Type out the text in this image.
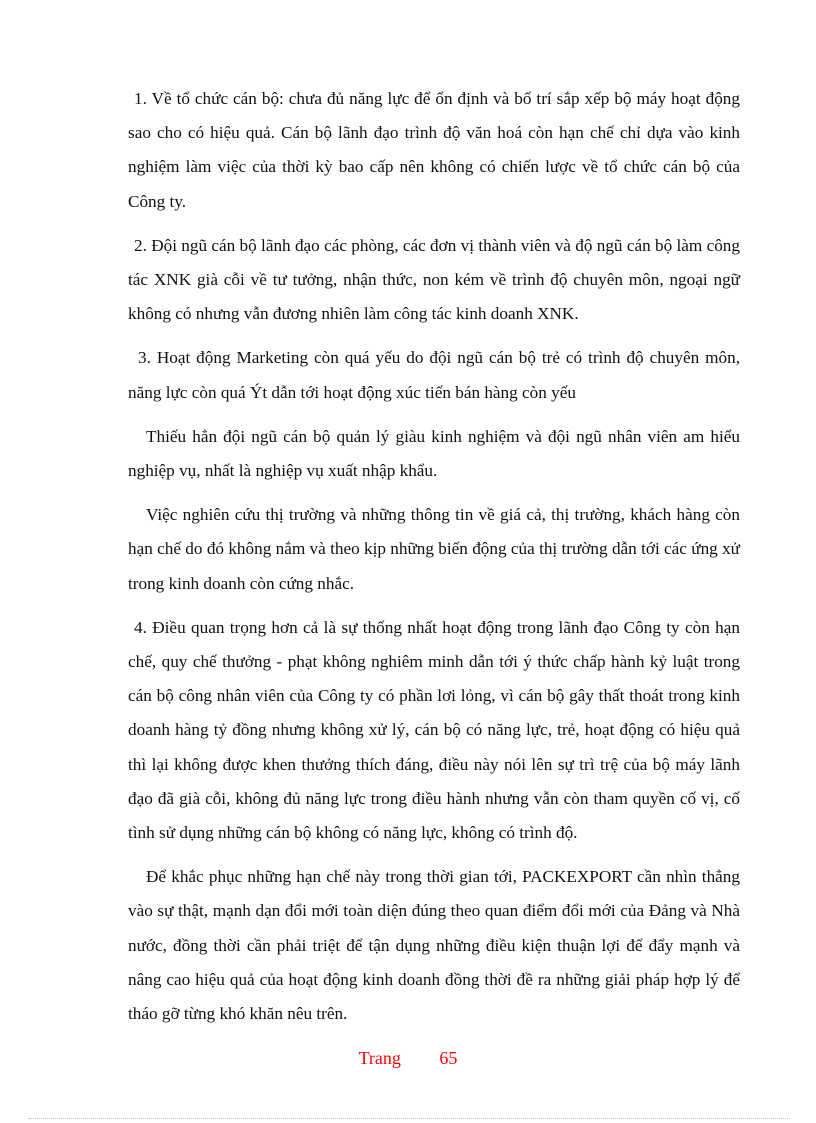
1. Về tổ chức cán bộ: chưa đủ năng lực để ổn định và bố trí sắp xếp bộ máy hoạt động sao cho có hiệu quả. Cán bộ lãnh đạo trình độ văn hoá còn hạn chế chỉ dựa vào kinh nghiệm làm việc của thời kỳ bao cấp nên không có chiến lược về tổ chức cán bộ của Công ty.

2. Đội ngũ cán bộ lãnh đạo các phòng, các đơn vị thành viên và độ ngũ cán bộ làm công tác XNK già cỗi về tư tưởng, nhận thức, non kém về trình độ chuyên môn, ngoại ngữ không có nhưng vẫn đương nhiên làm công tác kinh doanh XNK.

3. Hoạt động Marketing còn quá yếu do đội ngũ cán bộ trẻ có trình độ chuyên môn, năng lực còn quá Ýt dẫn tới hoạt động xúc tiến bán hàng còn yếu

Thiếu hẳn đội ngũ cán bộ quản lý giàu kinh nghiệm và đội ngũ nhân viên am hiểu nghiệp vụ, nhất là nghiệp vụ xuất nhập khẩu.

Việc nghiên cứu thị trường và những thông tin về giá cả, thị trường, khách hàng còn hạn chế do đó không nắm và theo kịp những biến động của thị trường dẫn tới các ứng xử trong kinh doanh còn cứng nhắc.

4. Điều quan trọng hơn cả là sự thống nhất hoạt động trong lãnh đạo Công ty còn hạn chế, quy chế thưởng - phạt không nghiêm minh dẫn tới ý thức chấp hành kỷ luật trong cán bộ công nhân viên của Công ty có phần lơi lỏng, vì cán bộ gây thất thoát trong kinh doanh hàng tỷ đồng nhưng không xử lý, cán bộ có năng lực, trẻ, hoạt động có hiệu quả thì lại không được khen thưởng thích đáng, điều này nói lên sự trì trệ của bộ máy lãnh đạo đã già cỗi, không đủ năng lực trong điều hành nhưng vẫn còn tham quyền cố vị, cố tình sử dụng những cán bộ không có năng lực, không có trình độ.

Để khắc phục những hạn chế này trong thời gian tới, PACKEXPORT cần nhìn thẳng vào sự thật, mạnh dạn đổi mới toàn diện đúng theo quan điểm đổi mới của Đảng và Nhà nước, đồng thời cần phải triệt để tận dụng những điều kiện thuận lợi để đẩy mạnh và nâng cao hiệu quả của hoạt động kinh doanh đồng thời đề ra những giải pháp hợp lý để tháo gỡ từng khó khăn nêu trên.

Trang 65
